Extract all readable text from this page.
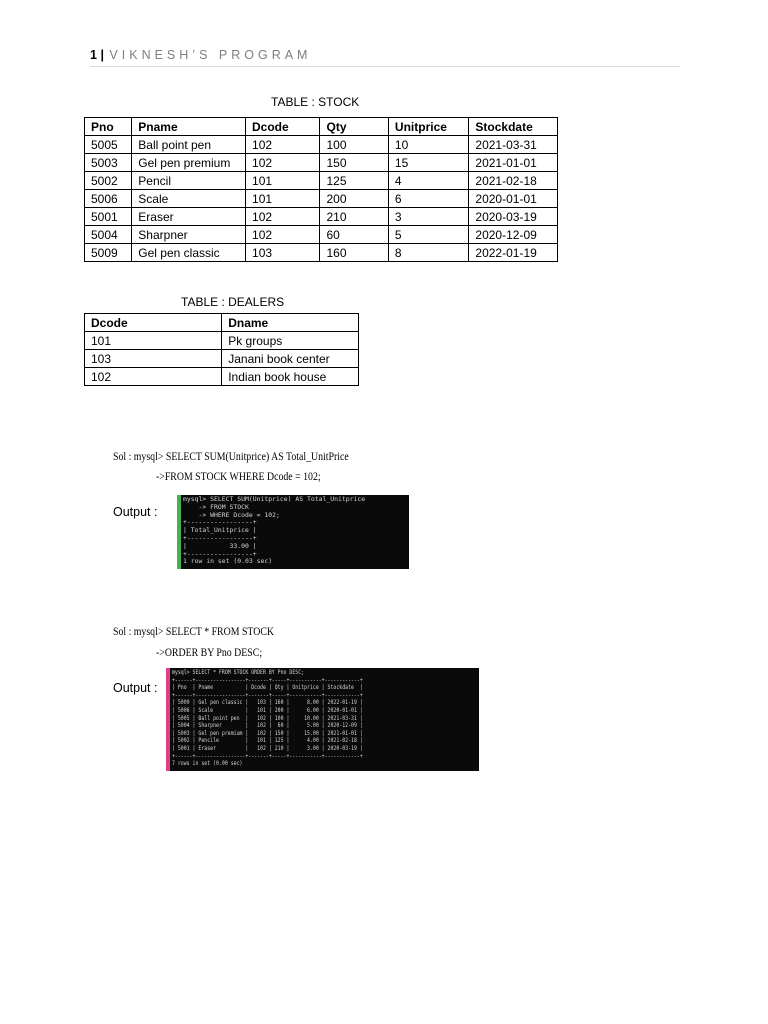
1 | VIKNESH’S PROGRAM
TABLE : STOCK
Pno	Pname	Dcode	Qty	Unitprice	Stockdate
5005	Ball point pen	102	100	10	2021-03-31
5003	Gel pen premium	102	150	15	2021-01-01
5002	Pencil	101	125	4	2021-02-18
5006	Scale	101	200	6	2020-01-01
5001	Eraser	102	210	3	2020-03-19
5004	Sharpner	102	60	5	2020-12-09
5009	Gel pen classic	103	160	8	2022-01-19
TABLE : DEALERS
Dcode	Dname
101	Pk groups
103	Janani book center
102	Indian book house
Sol : mysql> SELECT SUM(Unitprice) AS Total_UnitPrice
->FROM STOCK WHERE Dcode = 102;
Output :
mysql> SELECT SUM(Unitprice) AS Total_Unitprice
-> FROM STOCK
-> WHERE Dcode = 102;
+-----------------+
| Total_Unitprice |
+-----------------+
|           33.00 |
+-----------------+
1 row in set (0.03 sec)
Sol : mysql> SELECT * FROM STOCK
->ORDER BY Pno DESC;
Output :
mysql> SELECT * FROM STOCK ORDER BY Pno DESC;
+------+-----------------+-------+-----+-----------+------------+
| Pno  | Pname           | Dcode | Qty | Unitprice | Stockdate  |
+------+-----------------+-------+-----+-----------+------------+
| 5009 | Gel pen classic |   103 | 160 |      8.00 | 2022-01-19 |
| 5006 | Scale           |   101 | 200 |      6.00 | 2020-01-01 |
| 5005 | Ball point pen  |   102 | 100 |     10.00 | 2021-03-31 |
| 5004 | Sharpner        |   102 |  60 |      5.00 | 2020-12-09 |
| 5003 | Gel pen premium |   102 | 150 |     15.00 | 2021-01-01 |
| 5002 | Pencile         |   101 | 125 |      4.00 | 2021-02-18 |
| 5001 | Eraser          |   102 | 210 |      3.00 | 2020-03-19 |
+------+-----------------+-------+-----+-----------+------------+
7 rows in set (0.00 sec)
